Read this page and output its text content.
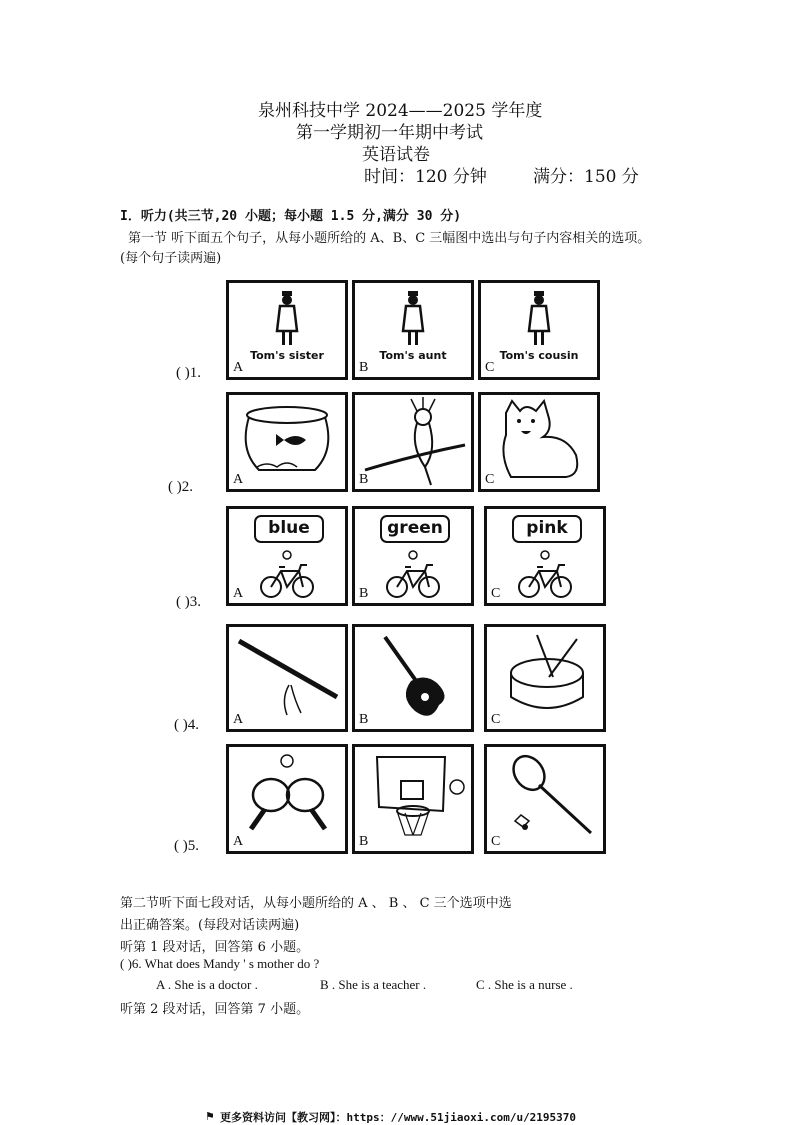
泉州科技中学 2024——2025 学年度
第一学期初一年期中考试
英语试卷
时间：120 分钟	满分：150 分
I．听力(共三节,20 小题；每小题 1.5 分,满分 30 分)
第一节 听下面五个句子，从每小题所给的 A、B、C 三幅图中选出与句子内容相关的选项。
(每个句子读两遍)
( )1.
Tom's sister
A
Tom's aunt
B
Tom's cousin
C
( )2.	A	B	C
( )3.
blue
A
green
B
pink
C
( )4. A	B	C
( )5. A	B	C
第二节听下面七段对话，从每小题所给的 A 、 B 、 C 三个选项中选
出正确答案。(每段对话读两遍)
听第 1 段对话，回答第 6 小题。
( )6. What does Mandy ' s mother do ?
A . She is a doctor .	B . She is a teacher .	C . She is a nurse .
听第 2 段对话，回答第 7 小题。
⚑ 更多资料访问【教习网】：https：//www.51jiaoxi.com/u/2195370
